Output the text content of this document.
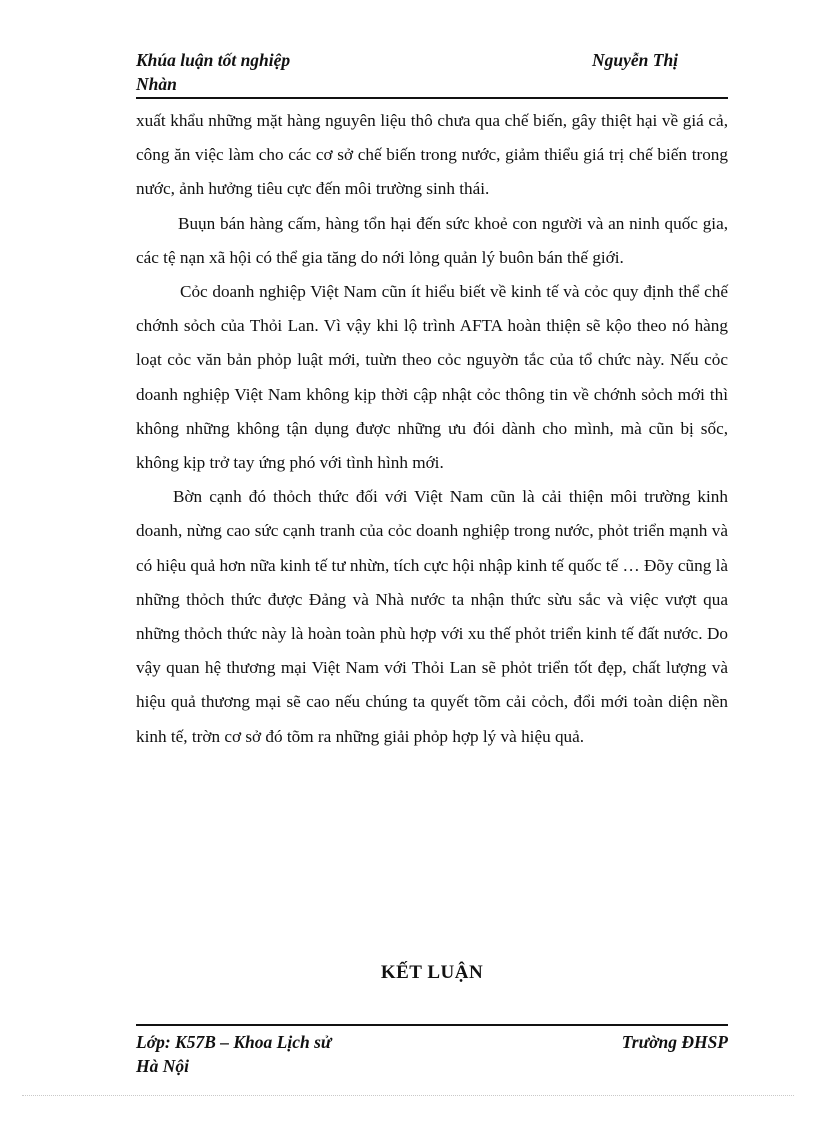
Khúa luận tốt nghiệp	Nguyễn Thị
Nhàn

xuất khẩu những mặt hàng nguyên liệu thô chưa qua chế biến, gây thiệt hại về giá cả, công ăn việc làm cho các cơ sở chế biến trong nước, giảm thiểu giá trị chế biến trong nước, ảnh hưởng tiêu cực đến môi trường sinh thái.

Buụn bán hàng cấm, hàng tổn hại đến sức khoẻ con người và an ninh quốc gia, các tệ nạn xã hội có thể gia tăng do nới lỏng quản lý buôn bán thế giới.

Cỏc doanh nghiệp Việt Nam cũn ít hiểu biết về kinh tế và cỏc quy định thể chế chớnh sỏch của Thỏi Lan. Vì vậy khi lộ trình AFTA hoàn thiện sẽ kộo theo nó hàng loạt cỏc văn bản phỏp luật mới, tuừn theo cỏc nguyờn tắc của tổ chức này. Nếu cỏc doanh nghiệp Việt Nam không kịp thời cập nhật cỏc thông tin về chớnh sỏch mới thì không những không tận dụng được những ưu đói dành cho mình, mà cũn bị sốc, không kịp trở tay ứng phó với tình hình mới.

Bờn cạnh đó thỏch thức đối với Việt Nam cũn là cải thiện môi trường kinh doanh, nừng cao sức cạnh tranh của cỏc doanh nghiệp trong nước, phỏt triển mạnh và có hiệu quả hơn nữa kinh tế tư nhừn, tích cực hội nhập kinh tế quốc tế … Đõy cũng là những thỏch thức được Đảng và Nhà nước ta nhận thức sừu sắc và việc vượt qua những thỏch thức này là hoàn toàn phù hợp với xu thế phỏt triển kinh tế đất nước. Do vậy quan hệ thương mại Việt Nam với Thỏi Lan sẽ phỏt triển tốt đẹp, chất lượng và hiệu quả thương mại sẽ cao nếu chúng ta quyết tõm cải cỏch, đổi mới toàn diện nền kinh tế, trờn cơ sở đó tõm ra những giải phỏp hợp lý và hiệu quả.

KẾT LUẬN
Lớp: K57B – Khoa Lịch sử	Trường ĐHSP
Hà Nội
